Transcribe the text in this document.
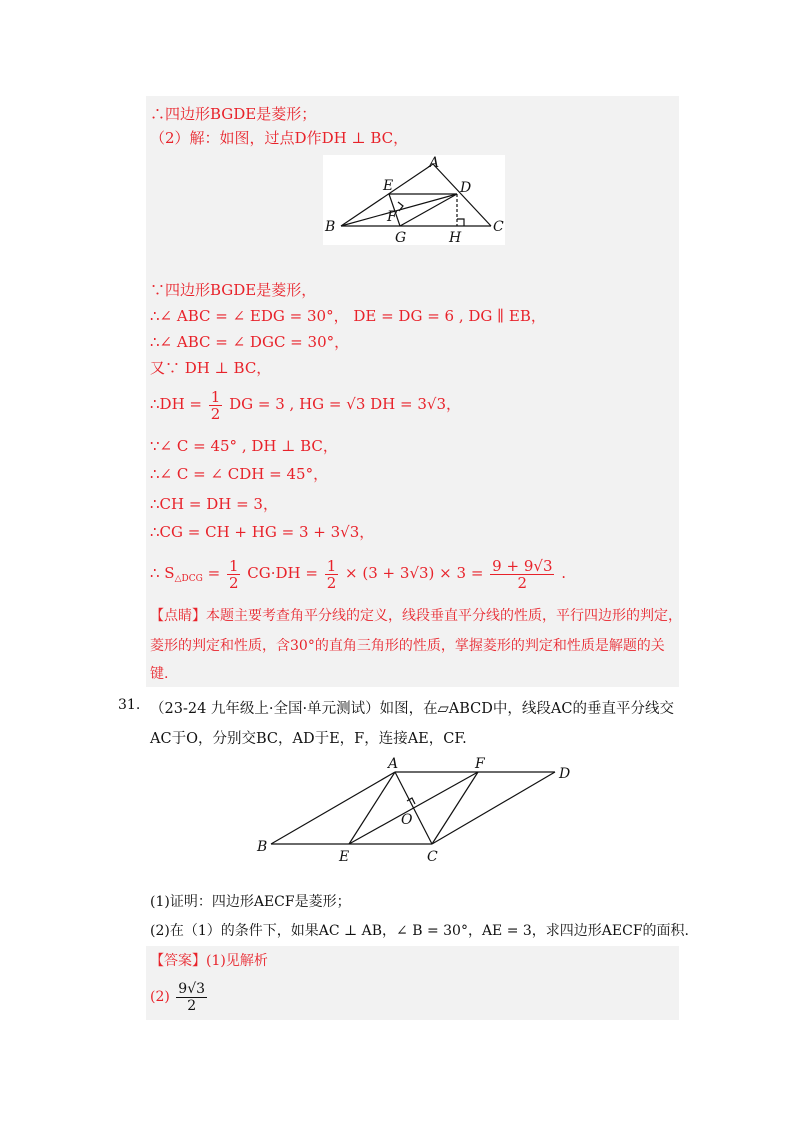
∴四边形BGDE是菱形；
（2）解：如图，过点D作DH ⊥ BC，
A
E	D
F
B
G	H
C
∵四边形BGDE是菱形，
∴∠ ABC = ∠ EDG = 30°， DE = DG = 6 , DG ∥ EB，
∴∠ ABC = ∠ DGC = 30°，
又∵ DH ⊥ BC，
∴DH = $\frac{1}{2}$ DG = 3 , HG = √3 DH = 3√3，
∵∠ C = 45° , DH ⊥ BC，
∴∠ C = ∠ CDH = 45°，
∴CH = DH = 3，
∴CG = CH + HG = 3 + 3√3，
∴ $S_{\triangle DCG} = \frac{1}{2} CG\cdot DH = \frac{1}{2} \times (3 + 3√3) \times 3 = \frac{9 + 9√3}{2}$ .
【点睛】本题主要考查角平分线的定义，线段垂直平分线的性质，平行四边形的判定，
菱形的判定和性质，含30°的直角三角形的性质，掌握菱形的判定和性质是解题的关
键.
31. （23-24 九年级上·全国·单元测试）如图，在▱ABCD中，线段AC的垂直平分线交
AC于O，分别交BC，AD于E，F，连接AE，CF.
A	F
D
O
B
E	C
(1)证明：四边形AECF是菱形；
(2)在（1）的条件下，如果AC ⊥ AB，∠ B = 30°，AE = 3，求四边形AECF的面积.
【答案】(1)见解析
$(2) \frac{9√3}{2}$
